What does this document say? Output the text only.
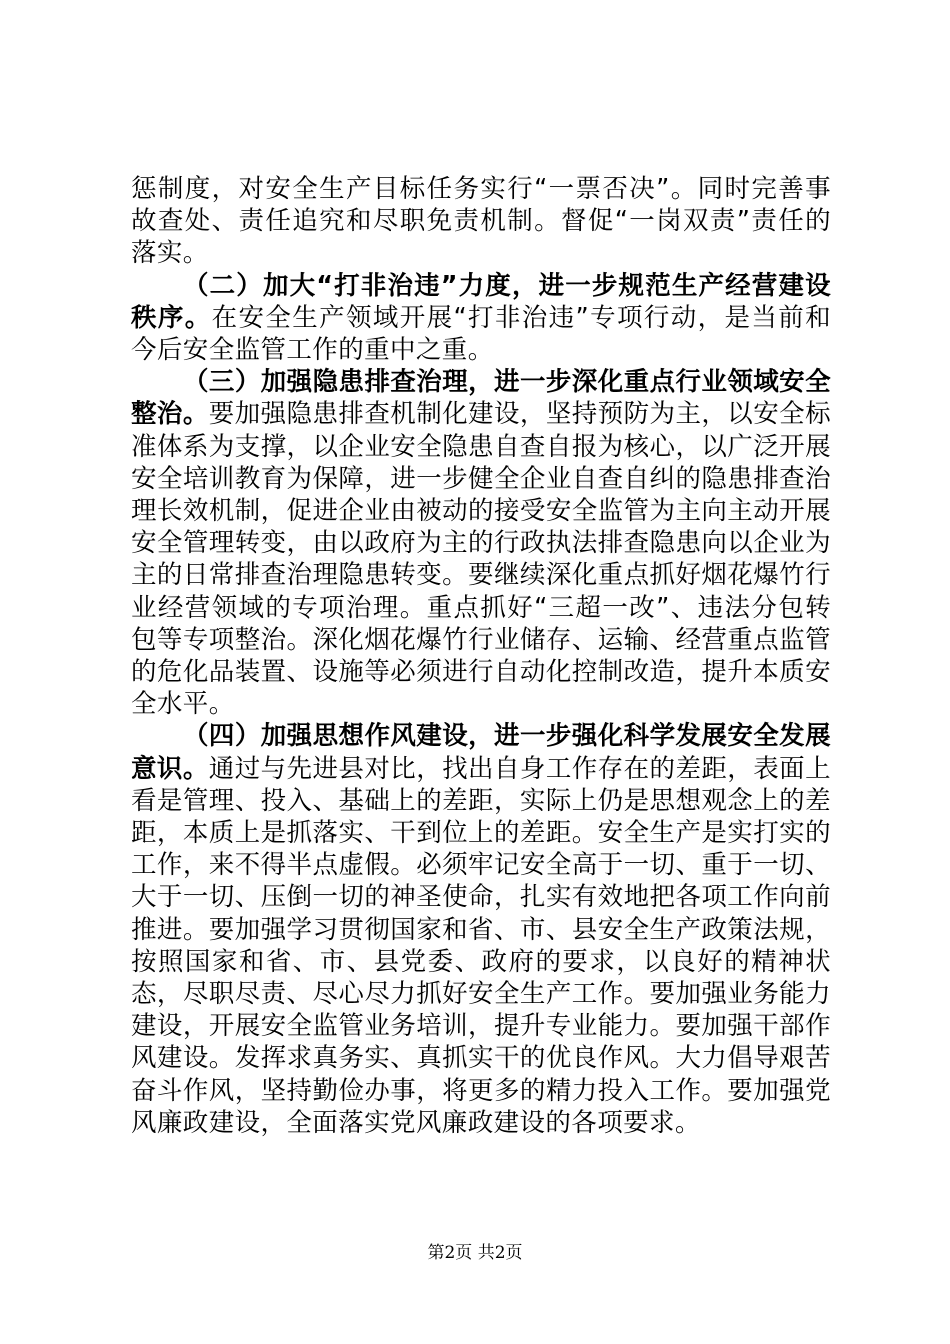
惩制度，对安全生产目标任务实行“一票否决”。同时完善事故查处、责任追究和尽职免责机制。督促“一岗双责”责任的落实。

（二）加大“打非治违”力度，进一步规范生产经营建设秩序。在安全生产领域开展“打非治违”专项行动，是当前和今后安全监管工作的重中之重。

（三）加强隐患排查治理，进一步深化重点行业领域安全整治。要加强隐患排查机制化建设，坚持预防为主，以安全标准体系为支撑，以企业安全隐患自查自报为核心，以广泛开展安全培训教育为保障，进一步健全企业自查自纠的隐患排查治理长效机制，促进企业由被动的接受安全监管为主向主动开展安全管理转变，由以政府为主的行政执法排查隐患向以企业为主的日常排查治理隐患转变。要继续深化重点抓好烟花爆竹行业经营领域的专项治理。重点抓好“三超一改”、违法分包转包等专项整治。深化烟花爆竹行业储存、运输、经营重点监管的危化品装置、设施等必须进行自动化控制改造，提升本质安全水平。

（四）加强思想作风建设，进一步强化科学发展安全发展意识。通过与先进县对比，找出自身工作存在的差距，表面上看是管理、投入、基础上的差距，实际上仍是思想观念上的差距，本质上是抓落实、干到位上的差距。安全生产是实打实的工作，来不得半点虚假。必须牢记安全高于一切、重于一切、大于一切、压倒一切的神圣使命，扎实有效地把各项工作向前推进。要加强学习贯彻国家和省、市、县安全生产政策法规，按照国家和省、市、县党委、政府的要求，以良好的精神状态，尽职尽责、尽心尽力抓好安全生产工作。要加强业务能力建设，开展安全监管业务培训，提升专业能力。要加强干部作风建设。发挥求真务实、真抓实干的优良作风。大力倡导艰苦奋斗作风，坚持勤俭办事，将更多的精力投入工作。要加强党风廉政建设，全面落实党风廉政建设的各项要求。

第2页 共2页
